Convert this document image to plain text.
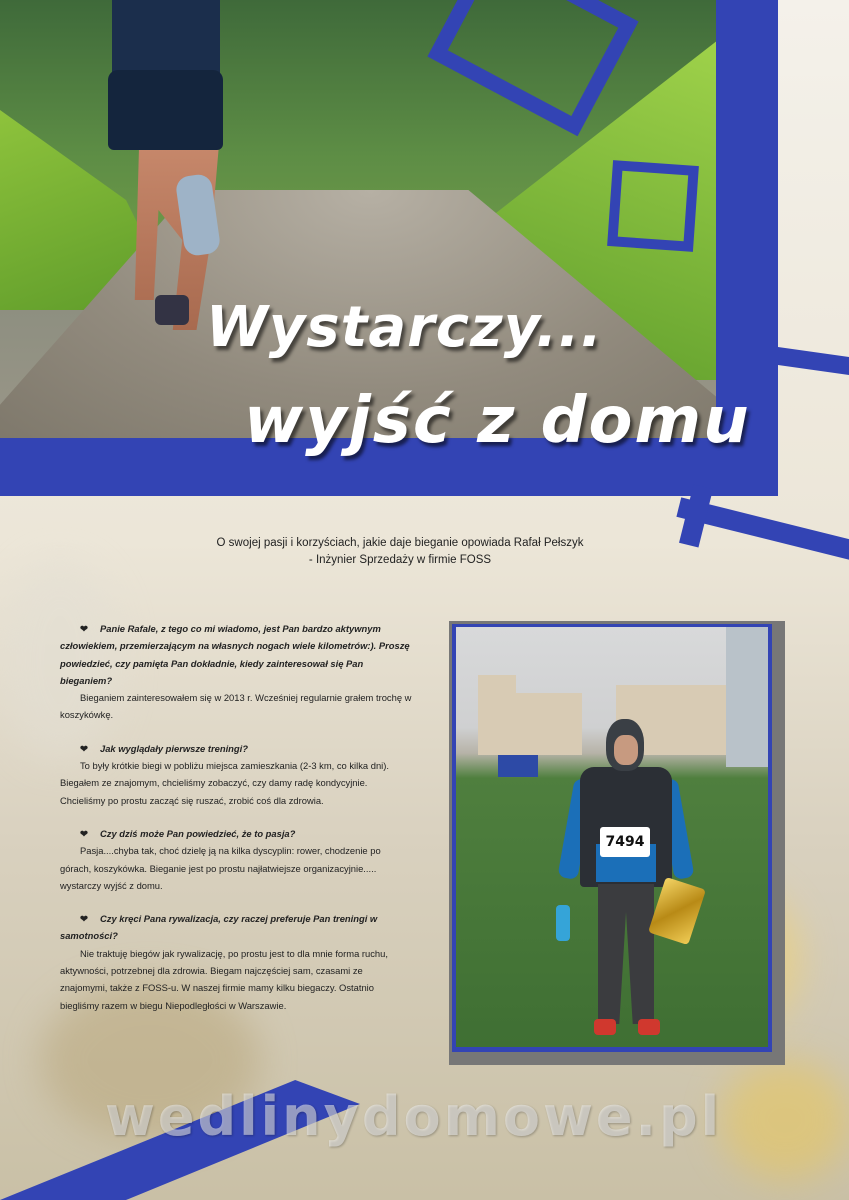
Wystarczy...
wyjść z domu
O swojej pasji i korzyściach, jakie daje bieganie opowiada Rafał Pełszyk
- Inżynier Sprzedaży w firmie FOSS

❤ Panie Rafale, z tego co mi wiadomo, jest Pan bardzo aktywnym człowiekiem, przemierzającym na własnych nogach wiele kilometrów:). Proszę powiedzieć, czy pamięta Pan dokładnie, kiedy zainteresował się Pan bieganiem?

Bieganiem zainteresowałem się w 2013 r. Wcześniej regularnie grałem trochę w koszykówkę.

❤ Jak wyglądały pierwsze treningi?

To były krótkie biegi w pobliżu miejsca zamieszkania (2-3 km, co kilka dni). Biegałem ze znajomym, chcieliśmy zobaczyć, czy damy radę kondycyjnie. Chcieliśmy po prostu zacząć się ruszać, zrobić coś dla zdrowia.

❤ Czy dziś może Pan powiedzieć, że to pasja?

Pasja....chyba tak, choć dzielę ją na kilka dyscyplin: rower, chodzenie po górach, koszykówka. Bieganie jest po prostu najłatwiejsze organizacyjnie..... wystarczy wyjść z domu.

❤ Czy kręci Pana rywalizacja, czy raczej preferuje Pan treningi w samotności?

Nie traktuję biegów jak rywalizację, po prostu jest to dla mnie forma ruchu, aktywności, potrzebnej dla zdrowia. Biegam najczęściej sam, czasami ze znajomymi, także z FOSS-u. W naszej firmie mamy kilku biegaczy. Ostatnio biegliśmy razem w biegu Niepodległości w Warszawie.

7494
wedlinydomowe.pl
